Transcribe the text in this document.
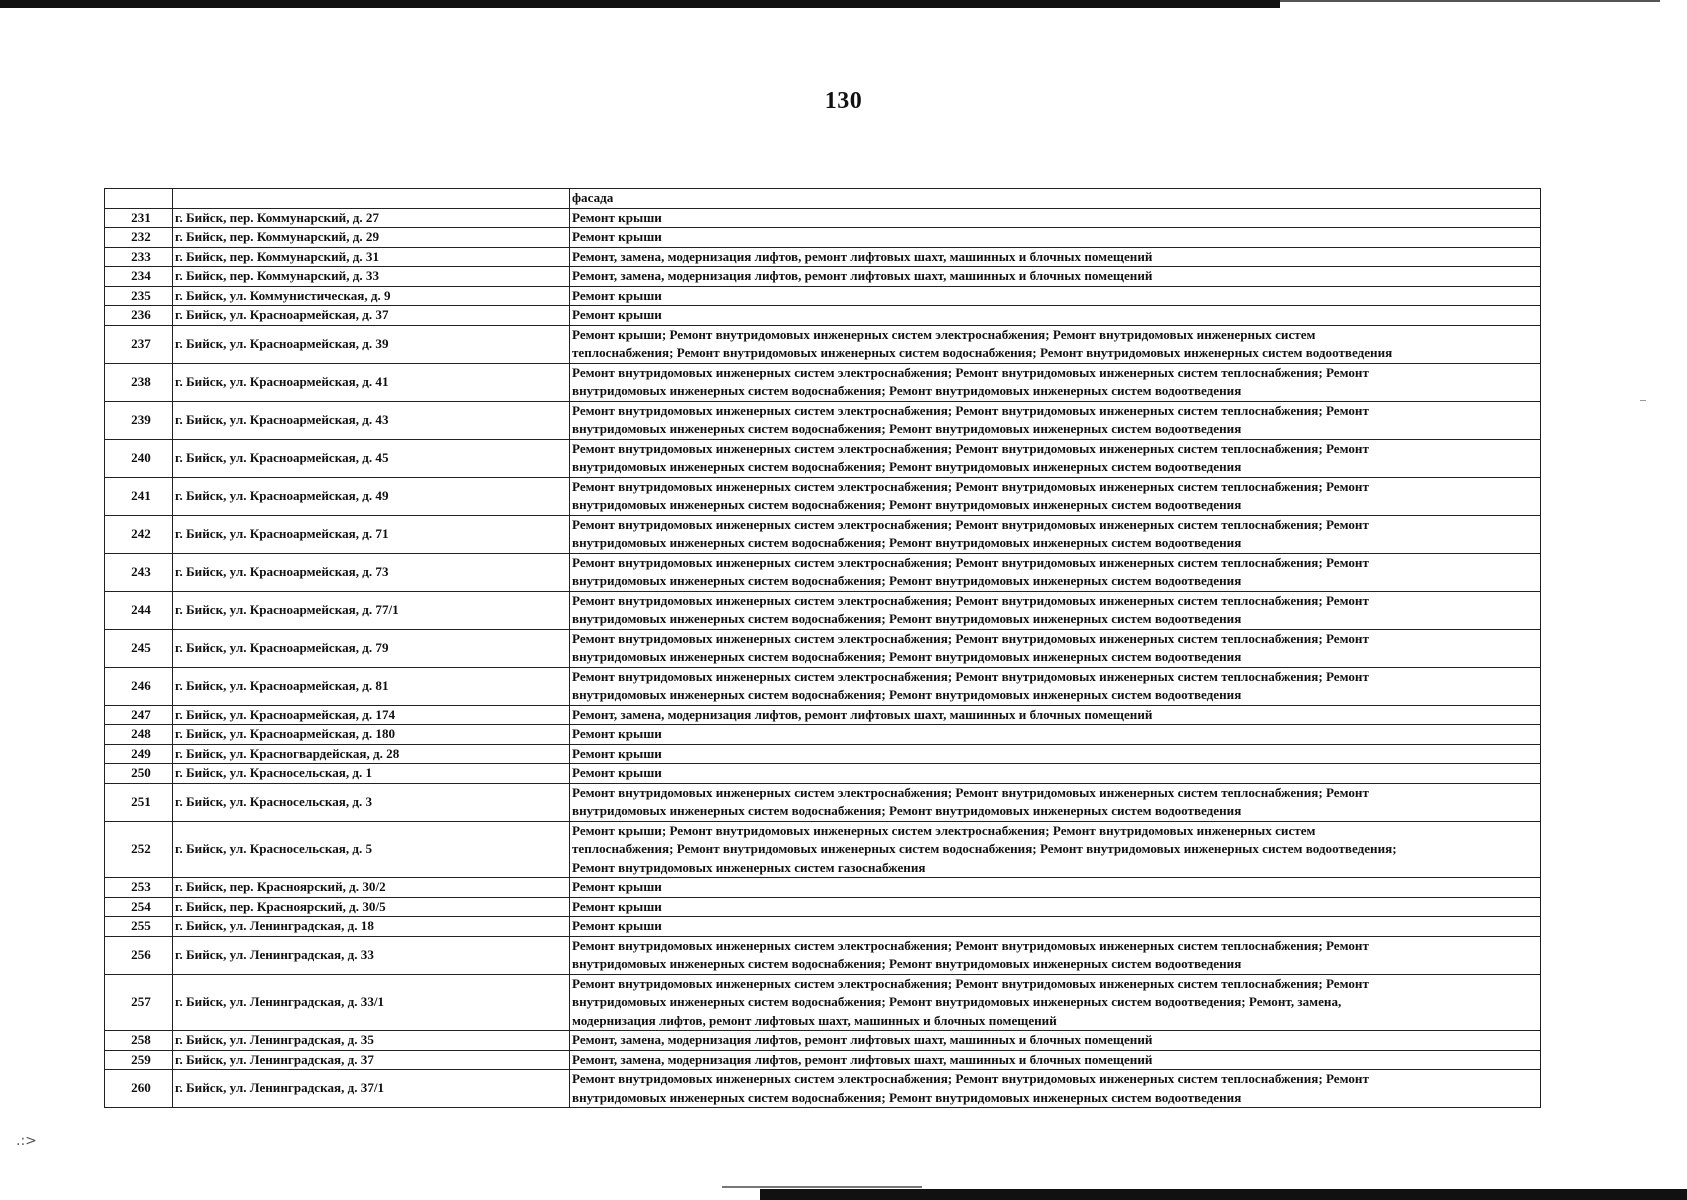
.:>
130
		фасада
231	г. Бийск, пер. Коммунарский, д. 27	Ремонт крыши

232	г. Бийск, пер. Коммунарский, д. 29	Ремонт крыши

233	г. Бийск, пер. Коммунарский, д. 31	Ремонт, замена, модернизация лифтов, ремонт лифтовых шахт, машинных и блочных помещений

234	г. Бийск, пер. Коммунарский, д. 33	Ремонт, замена, модернизация лифтов, ремонт лифтовых шахт, машинных и блочных помещений

235	г. Бийск, ул. Коммунистическая, д. 9	Ремонт крыши

236	г. Бийск, ул. Красноармейская, д. 37	Ремонт крыши

237	г. Бийск, ул. Красноармейская, д. 39	Ремонт крыши; Ремонт внутридомовых инженерных систем электроснабжения; Ремонт внутридомовых инженерных систем
теплоснабжения; Ремонт внутридомовых инженерных систем водоснабжения; Ремонт внутридомовых инженерных систем водоотведения

238	г. Бийск, ул. Красноармейская, д. 41	Ремонт внутридомовых инженерных систем электроснабжения; Ремонт внутридомовых инженерных систем теплоснабжения; Ремонт
внутридомовых инженерных систем водоснабжения; Ремонт внутридомовых инженерных систем водоотведения

239	г. Бийск, ул. Красноармейская, д. 43	Ремонт внутридомовых инженерных систем электроснабжения; Ремонт внутридомовых инженерных систем теплоснабжения; Ремонт
внутридомовых инженерных систем водоснабжения; Ремонт внутридомовых инженерных систем водоотведения

240	г. Бийск, ул. Красноармейская, д. 45	Ремонт внутридомовых инженерных систем электроснабжения; Ремонт внутридомовых инженерных систем теплоснабжения; Ремонт
внутридомовых инженерных систем водоснабжения; Ремонт внутридомовых инженерных систем водоотведения

241	г. Бийск, ул. Красноармейская, д. 49	Ремонт внутридомовых инженерных систем электроснабжения; Ремонт внутридомовых инженерных систем теплоснабжения; Ремонт
внутридомовых инженерных систем водоснабжения; Ремонт внутридомовых инженерных систем водоотведения

242	г. Бийск, ул. Красноармейская, д. 71	Ремонт внутридомовых инженерных систем электроснабжения; Ремонт внутридомовых инженерных систем теплоснабжения; Ремонт
внутридомовых инженерных систем водоснабжения; Ремонт внутридомовых инженерных систем водоотведения

243	г. Бийск, ул. Красноармейская, д. 73	Ремонт внутридомовых инженерных систем электроснабжения; Ремонт внутридомовых инженерных систем теплоснабжения; Ремонт
внутридомовых инженерных систем водоснабжения; Ремонт внутридомовых инженерных систем водоотведения

244	г. Бийск, ул. Красноармейская, д. 77/1	Ремонт внутридомовых инженерных систем электроснабжения; Ремонт внутридомовых инженерных систем теплоснабжения; Ремонт
внутридомовых инженерных систем водоснабжения; Ремонт внутридомовых инженерных систем водоотведения

245	г. Бийск, ул. Красноармейская, д. 79	Ремонт внутридомовых инженерных систем электроснабжения; Ремонт внутридомовых инженерных систем теплоснабжения; Ремонт
внутридомовых инженерных систем водоснабжения; Ремонт внутридомовых инженерных систем водоотведения

246	г. Бийск, ул. Красноармейская, д. 81	Ремонт внутридомовых инженерных систем электроснабжения; Ремонт внутридомовых инженерных систем теплоснабжения; Ремонт
внутридомовых инженерных систем водоснабжения; Ремонт внутридомовых инженерных систем водоотведения

247	г. Бийск, ул. Красноармейская, д. 174	Ремонт, замена, модернизация лифтов, ремонт лифтовых шахт, машинных и блочных помещений

248	г. Бийск, ул. Красноармейская, д. 180	Ремонт крыши

249	г. Бийск, ул. Красногвардейская, д. 28	Ремонт крыши

250	г. Бийск, ул. Красносельская, д. 1	Ремонт крыши

251	г. Бийск, ул. Красносельская, д. 3	Ремонт внутридомовых инженерных систем электроснабжения; Ремонт внутридомовых инженерных систем теплоснабжения; Ремонт
внутридомовых инженерных систем водоснабжения; Ремонт внутридомовых инженерных систем водоотведения

252	г. Бийск, ул. Красносельская, д. 5	Ремонт крыши; Ремонт внутридомовых инженерных систем электроснабжения; Ремонт внутридомовых инженерных систем
теплоснабжения; Ремонт внутридомовых инженерных систем водоснабжения; Ремонт внутридомовых инженерных систем водоотведения;
Ремонт внутридомовых инженерных систем газоснабжения

253	г. Бийск, пер. Красноярский, д. 30/2	Ремонт крыши

254	г. Бийск, пер. Красноярский, д. 30/5	Ремонт крыши

255	г. Бийск, ул. Ленинградская, д. 18	Ремонт крыши

256	г. Бийск, ул. Ленинградская, д. 33	Ремонт внутридомовых инженерных систем электроснабжения; Ремонт внутридомовых инженерных систем теплоснабжения; Ремонт
внутридомовых инженерных систем водоснабжения; Ремонт внутридомовых инженерных систем водоотведения

257	г. Бийск, ул. Ленинградская, д. 33/1	Ремонт внутридомовых инженерных систем электроснабжения; Ремонт внутридомовых инженерных систем теплоснабжения; Ремонт
внутридомовых инженерных систем водоснабжения; Ремонт внутридомовых инженерных систем водоотведения; Ремонт, замена,
модернизация лифтов, ремонт лифтовых шахт, машинных и блочных помещений

258	г. Бийск, ул. Ленинградская, д. 35	Ремонт, замена, модернизация лифтов, ремонт лифтовых шахт, машинных и блочных помещений

259	г. Бийск, ул. Ленинградская, д. 37	Ремонт, замена, модернизация лифтов, ремонт лифтовых шахт, машинных и блочных помещений

260	г. Бийск, ул. Ленинградская, д. 37/1	Ремонт внутридомовых инженерных систем электроснабжения; Ремонт внутридомовых инженерных систем теплоснабжения; Ремонт
внутридомовых инженерных систем водоснабжения; Ремонт внутридомовых инженерных систем водоотведения
